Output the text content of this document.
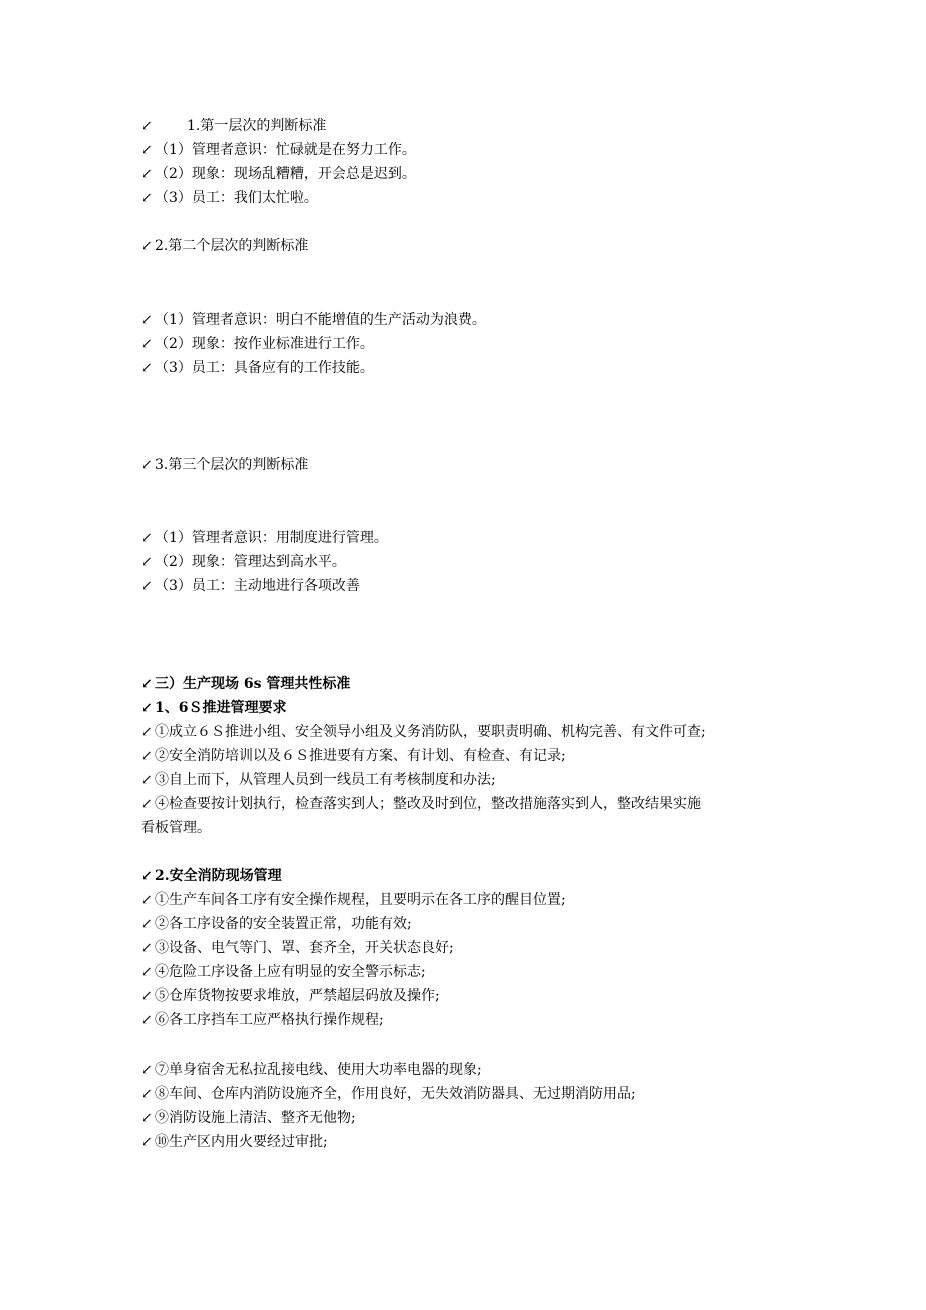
↙ 1.第一层次的判断标准
↙ （1）管理者意识：忙碌就是在努力工作。
↙ （2）现象：现场乱糟糟，开会总是迟到。
↙ （3）员工：我们太忙啦。
↙ 2.第二个层次的判断标准
↙ （1）管理者意识：明白不能增值的生产活动为浪费。
↙ （2）现象：按作业标准进行工作。
↙ （3）员工：具备应有的工作技能。
↙ 3.第三个层次的判断标准
↙ （1）管理者意识：用制度进行管理。
↙ （2）现象：管理达到高水平。
↙ （3）员工：主动地进行各项改善
↙ 三）生产现场 6s 管理共性标准
↙ 1、6Ｓ推进管理要求
↙ ①成立６Ｓ推进小组、安全领导小组及义务消防队，要职责明确、机构完善、有文件可查;
↙ ②安全消防培训以及６Ｓ推进要有方案、有计划、有检查、有记录;
↙ ③自上而下，从管理人员到一线员工有考核制度和办法;
↙ ④检查要按计划执行，检查落实到人；整改及时到位，整改措施落实到人，整改结果实施
看板管理。
↙ 2.安全消防现场管理
↙ ①生产车间各工序有安全操作规程，且要明示在各工序的醒目位置;
↙ ②各工序设备的安全装置正常，功能有效;
↙ ③设备、电气等门、罩、套齐全，开关状态良好;
↙ ④危险工序设备上应有明显的安全警示标志;
↙ ⑤仓库货物按要求堆放，严禁超层码放及操作;
↙ ⑥各工序挡车工应严格执行操作规程;
↙ ⑦单身宿舍无私拉乱接电线、使用大功率电器的现象;
↙ ⑧车间、仓库内消防设施齐全，作用良好，无失效消防器具、无过期消防用品;
↙ ⑨消防设施上清洁、整齐无他物;
↙ ⑩生产区内用火要经过审批;
